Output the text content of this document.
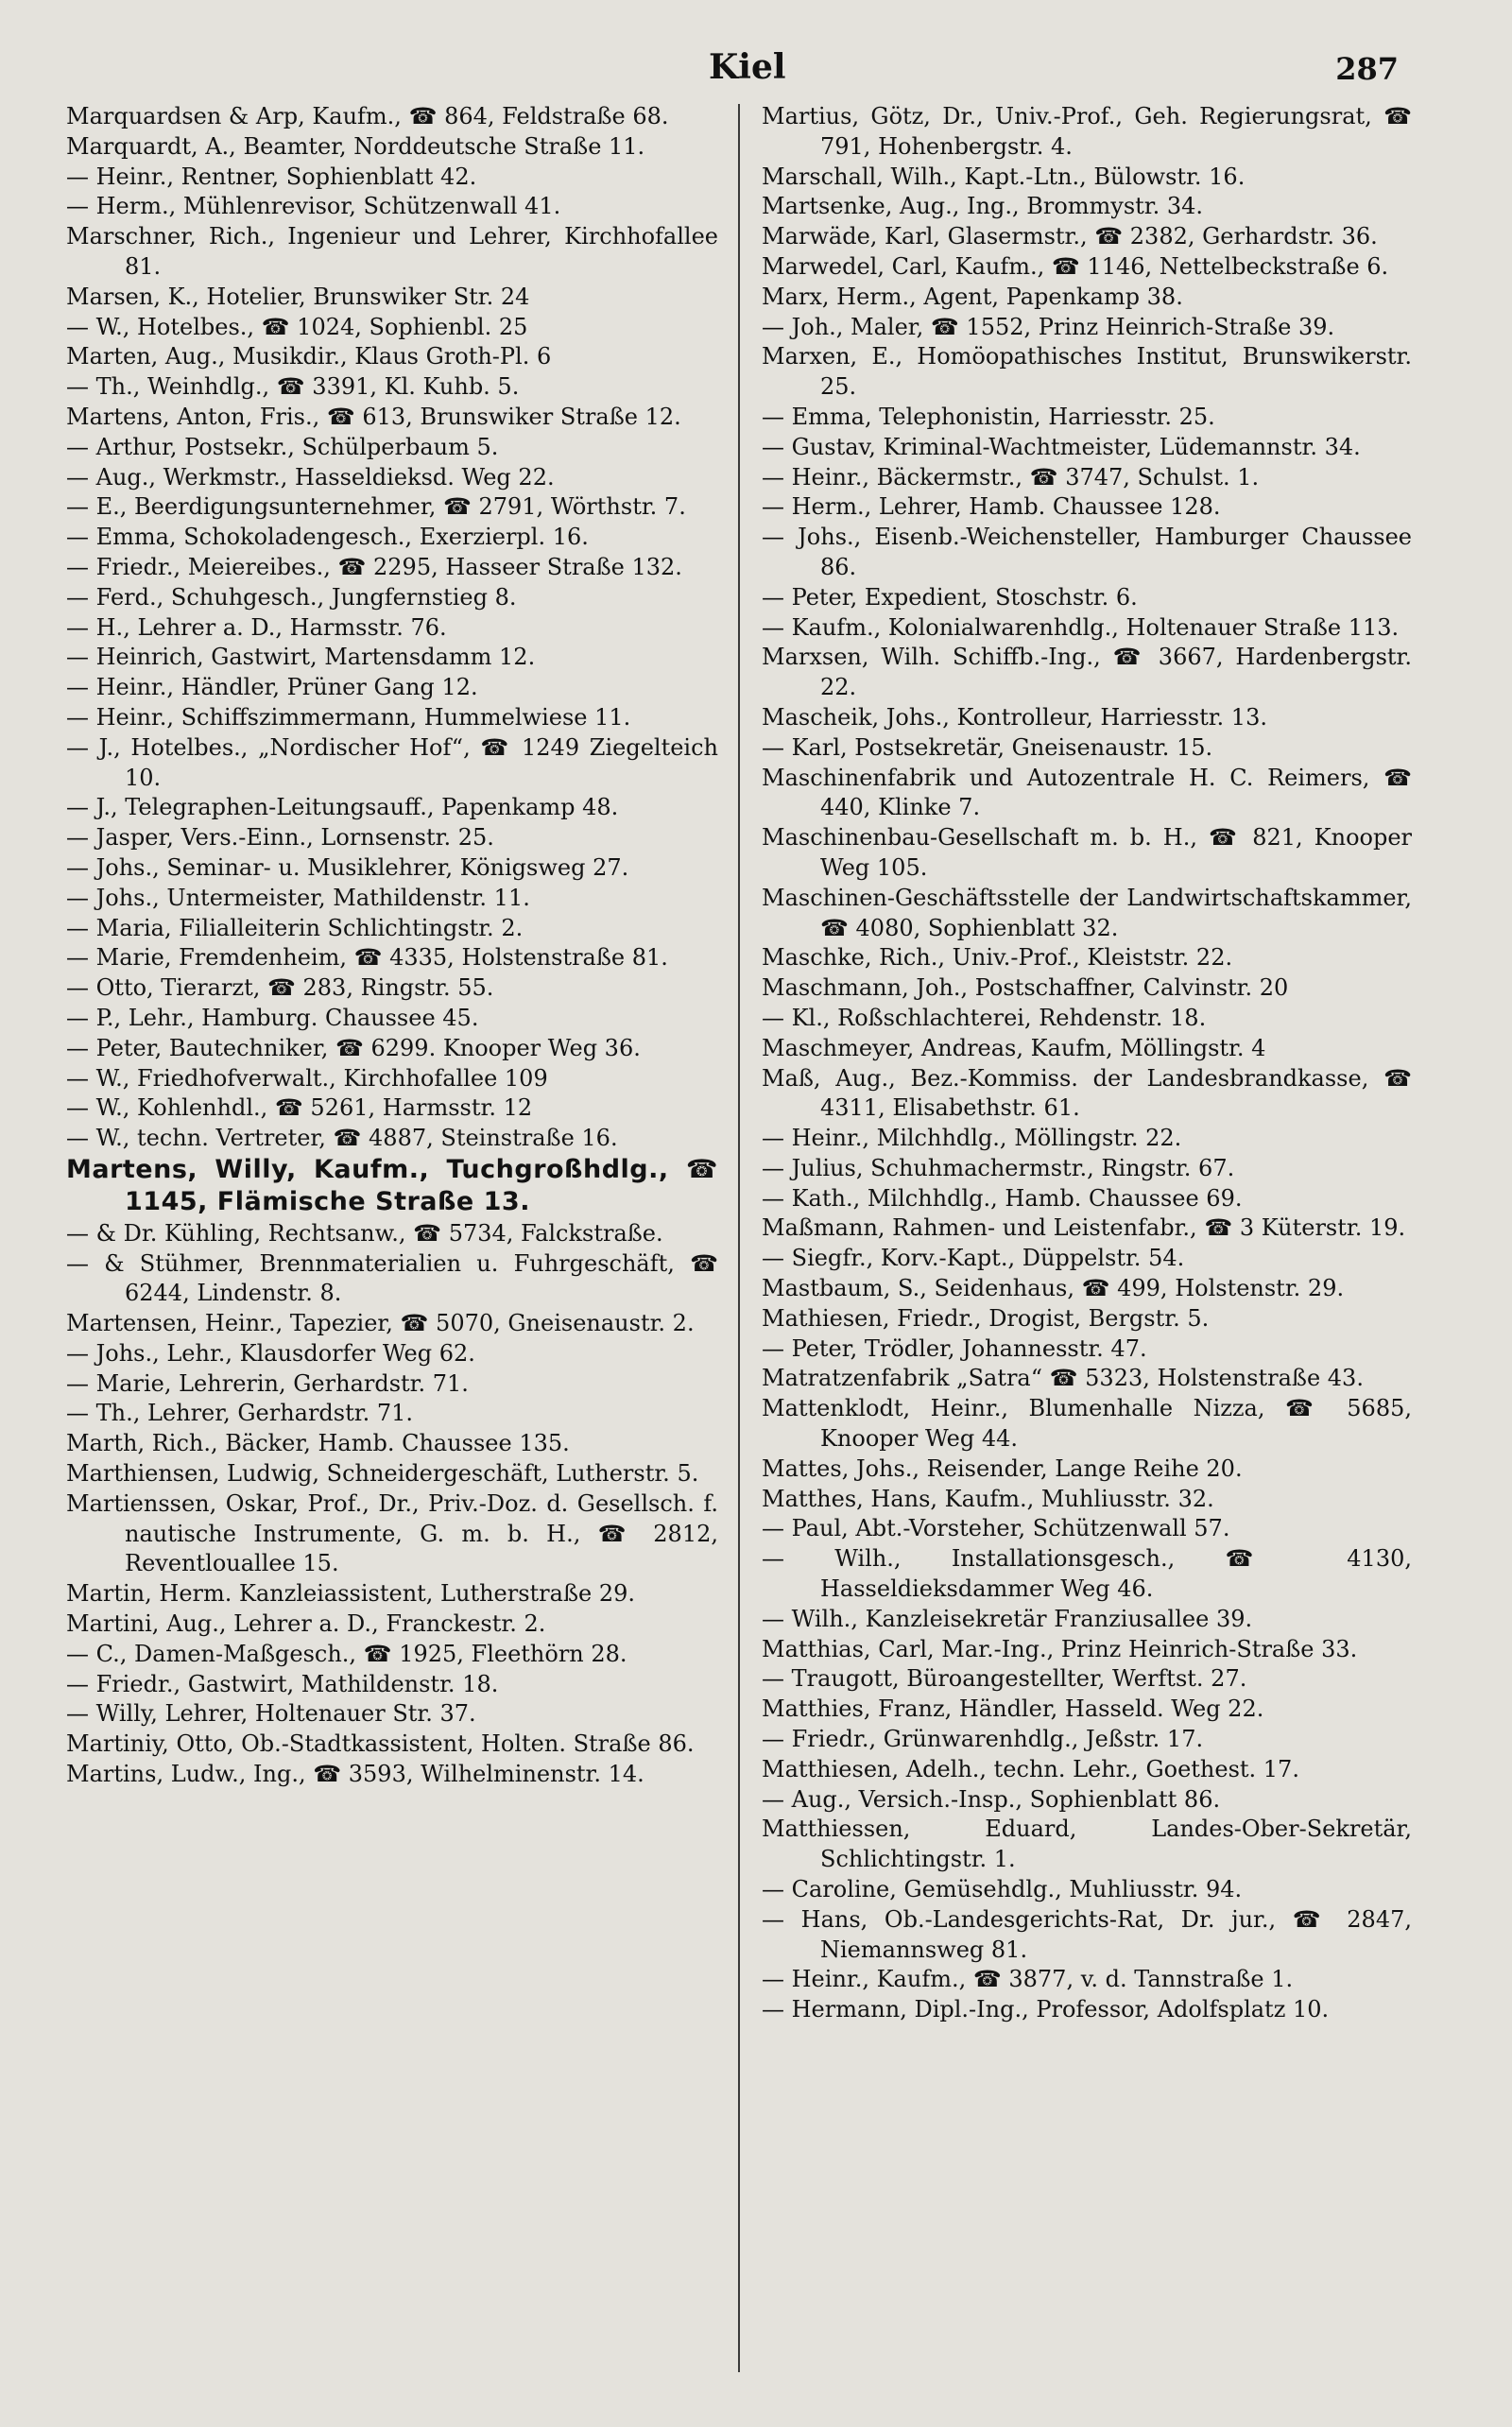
Kiel	287

Marquardsen & Arp, Kaufm., ☎ 864, Feldstraße 68.

Marquardt, A., Beamter, Norddeutsche Straße 11.

— Heinr., Rentner, Sophienblatt 42.

— Herm., Mühlenrevisor, Schützenwall 41.

Marschner, Rich., Ingenieur und Lehrer, Kirchhofallee 81.

Marsen, K., Hotelier, Brunswiker Str. 24

— W., Hotelbes., ☎ 1024, Sophienbl. 25

Marten, Aug., Musikdir., Klaus Groth-Pl. 6

— Th., Weinhdlg., ☎ 3391, Kl. Kuhb. 5.

Martens, Anton, Fris., ☎ 613, Brunswiker Straße 12.

— Arthur, Postsekr., Schülperbaum 5.

— Aug., Werkmstr., Hasseldieksd. Weg 22.

— E., Beerdigungsunternehmer, ☎ 2791, Wörthstr. 7.

— Emma, Schokoladengesch., Exerzierpl. 16.

— Friedr., Meiereibes., ☎ 2295, Hasseer Straße 132.

— Ferd., Schuhgesch., Jungfernstieg 8.

— H., Lehrer a. D., Harmsstr. 76.

— Heinrich, Gastwirt, Martensdamm 12.

— Heinr., Händler, Prüner Gang 12.

— Heinr., Schiffszimmermann, Hummelwiese 11.

— J., Hotelbes., „Nordischer Hof“, ☎ 1249 Ziegelteich 10.

— J., Telegraphen-Leitungsauff., Papenkamp 48.

— Jasper, Vers.-Einn., Lornsenstr. 25.

— Johs., Seminar- u. Musiklehrer, Königsweg 27.

— Johs., Untermeister, Mathildenstr. 11.

— Maria, Filialleiterin Schlichtingstr. 2.

— Marie, Fremdenheim, ☎ 4335, Holstenstraße 81.

— Otto, Tierarzt, ☎ 283, Ringstr. 55.

— P., Lehr., Hamburg. Chaussee 45.

— Peter, Bautechniker, ☎ 6299. Knooper Weg 36.

— W., Friedhofverwalt., Kirchhofallee 109

— W., Kohlenhdl., ☎ 5261, Harmsstr. 12

— W., techn. Vertreter, ☎ 4887, Steinstraße 16.

Martens, Willy, Kaufm., Tuchgroßhdlg., ☎ 1145, Flämische Straße 13.

— & Dr. Kühling, Rechtsanw., ☎ 5734, Falckstraße.

— & Stühmer, Brennmaterialien u. Fuhrgeschäft, ☎ 6244, Lindenstr. 8.

Martensen, Heinr., Tapezier, ☎ 5070, Gneisenaustr. 2.

— Johs., Lehr., Klausdorfer Weg 62.

— Marie, Lehrerin, Gerhardstr. 71.

— Th., Lehrer, Gerhardstr. 71.

Marth, Rich., Bäcker, Hamb. Chaussee 135.

Marthiensen, Ludwig, Schneidergeschäft, Lutherstr. 5.

Martienssen, Oskar, Prof., Dr., Priv.-Doz. d. Gesellsch. f. nautische Instrumente, G. m. b. H., ☎ 2812, Reventlouallee 15.

Martin, Herm. Kanzleiassistent, Lutherstraße 29.

Martini, Aug., Lehrer a. D., Franckestr. 2.

— C., Damen-Maßgesch., ☎ 1925, Fleethörn 28.

— Friedr., Gastwirt, Mathildenstr. 18.

— Willy, Lehrer, Holtenauer Str. 37.

Martiniy, Otto, Ob.-Stadtkassistent, Holten. Straße 86.

Martins, Ludw., Ing., ☎ 3593, Wilhelminenstr. 14.

Martius, Götz, Dr., Univ.-Prof., Geh. Regierungsrat, ☎ 791, Hohenbergstr. 4.

Marschall, Wilh., Kapt.-Ltn., Bülowstr. 16.

Martsenke, Aug., Ing., Brommystr. 34.

Marwäde, Karl, Glasermstr., ☎ 2382, Gerhardstr. 36.

Marwedel, Carl, Kaufm., ☎ 1146, Nettelbeckstraße 6.

Marx, Herm., Agent, Papenkamp 38.

— Joh., Maler, ☎ 1552, Prinz Heinrich-Straße 39.

Marxen, E., Homöopathisches Institut, Brunswikerstr. 25.

— Emma, Telephonistin, Harriesstr. 25.

— Gustav, Kriminal-Wachtmeister, Lüdemannstr. 34.

— Heinr., Bäckermstr., ☎ 3747, Schulst. 1.

— Herm., Lehrer, Hamb. Chaussee 128.

— Johs., Eisenb.-Weichensteller, Hamburger Chaussee 86.

— Peter, Expedient, Stoschstr. 6.

— Kaufm., Kolonialwarenhdlg., Holtenauer Straße 113.

Marxsen, Wilh. Schiffb.-Ing., ☎ 3667, Hardenbergstr. 22.

Mascheik, Johs., Kontrolleur, Harriesstr. 13.

— Karl, Postsekretär, Gneisenaustr. 15.

Maschinenfabrik und Autozentrale H. C. Reimers, ☎ 440, Klinke 7.

Maschinenbau-Gesellschaft m. b. H., ☎ 821, Knooper Weg 105.

Maschinen-Geschäftsstelle der Landwirtschaftskammer, ☎ 4080, Sophienblatt 32.

Maschke, Rich., Univ.-Prof., Kleiststr. 22.

Maschmann, Joh., Postschaffner, Calvinstr. 20

— Kl., Roßschlachterei, Rehdenstr. 18.

Maschmeyer, Andreas, Kaufm, Möllingstr. 4

Maß, Aug., Bez.-Kommiss. der Landesbrandkasse, ☎ 4311, Elisabethstr. 61.

— Heinr., Milchhdlg., Möllingstr. 22.

— Julius, Schuhmachermstr., Ringstr. 67.

— Kath., Milchhdlg., Hamb. Chaussee 69.

Maßmann, Rahmen- und Leistenfabr., ☎ 3 Küterstr. 19.

— Siegfr., Korv.-Kapt., Düppelstr. 54.

Mastbaum, S., Seidenhaus, ☎ 499, Holstenstr. 29.

Mathiesen, Friedr., Drogist, Bergstr. 5.

— Peter, Trödler, Johannesstr. 47.

Matratzenfabrik „Satra“ ☎ 5323, Holstenstraße 43.

Mattenklodt, Heinr., Blumenhalle Nizza, ☎ 5685, Knooper Weg 44.

Mattes, Johs., Reisender, Lange Reihe 20.

Matthes, Hans, Kaufm., Muhliusstr. 32.

— Paul, Abt.-Vorsteher, Schützenwall 57.

— Wilh., Installationsgesch., ☎ 4130, Hasseldieksdammer Weg 46.

— Wilh., Kanzleisekretär Franziusallee 39.

Matthias, Carl, Mar.-Ing., Prinz Heinrich-Straße 33.

— Traugott, Büroangestellter, Werftst. 27.

Matthies, Franz, Händler, Hasseld. Weg 22.

— Friedr., Grünwarenhdlg., Jeßstr. 17.

Matthiesen, Adelh., techn. Lehr., Goethest. 17.

— Aug., Versich.-Insp., Sophienblatt 86.

Matthiessen, Eduard, Landes-Ober-Sekretär, Schlichtingstr. 1.

— Caroline, Gemüsehdlg., Muhliusstr. 94.

— Hans, Ob.-Landesgerichts-Rat, Dr. jur., ☎ 2847, Niemannsweg 81.

— Heinr., Kaufm., ☎ 3877, v. d. Tannstraße 1.

— Hermann, Dipl.-Ing., Professor, Adolfsplatz 10.
